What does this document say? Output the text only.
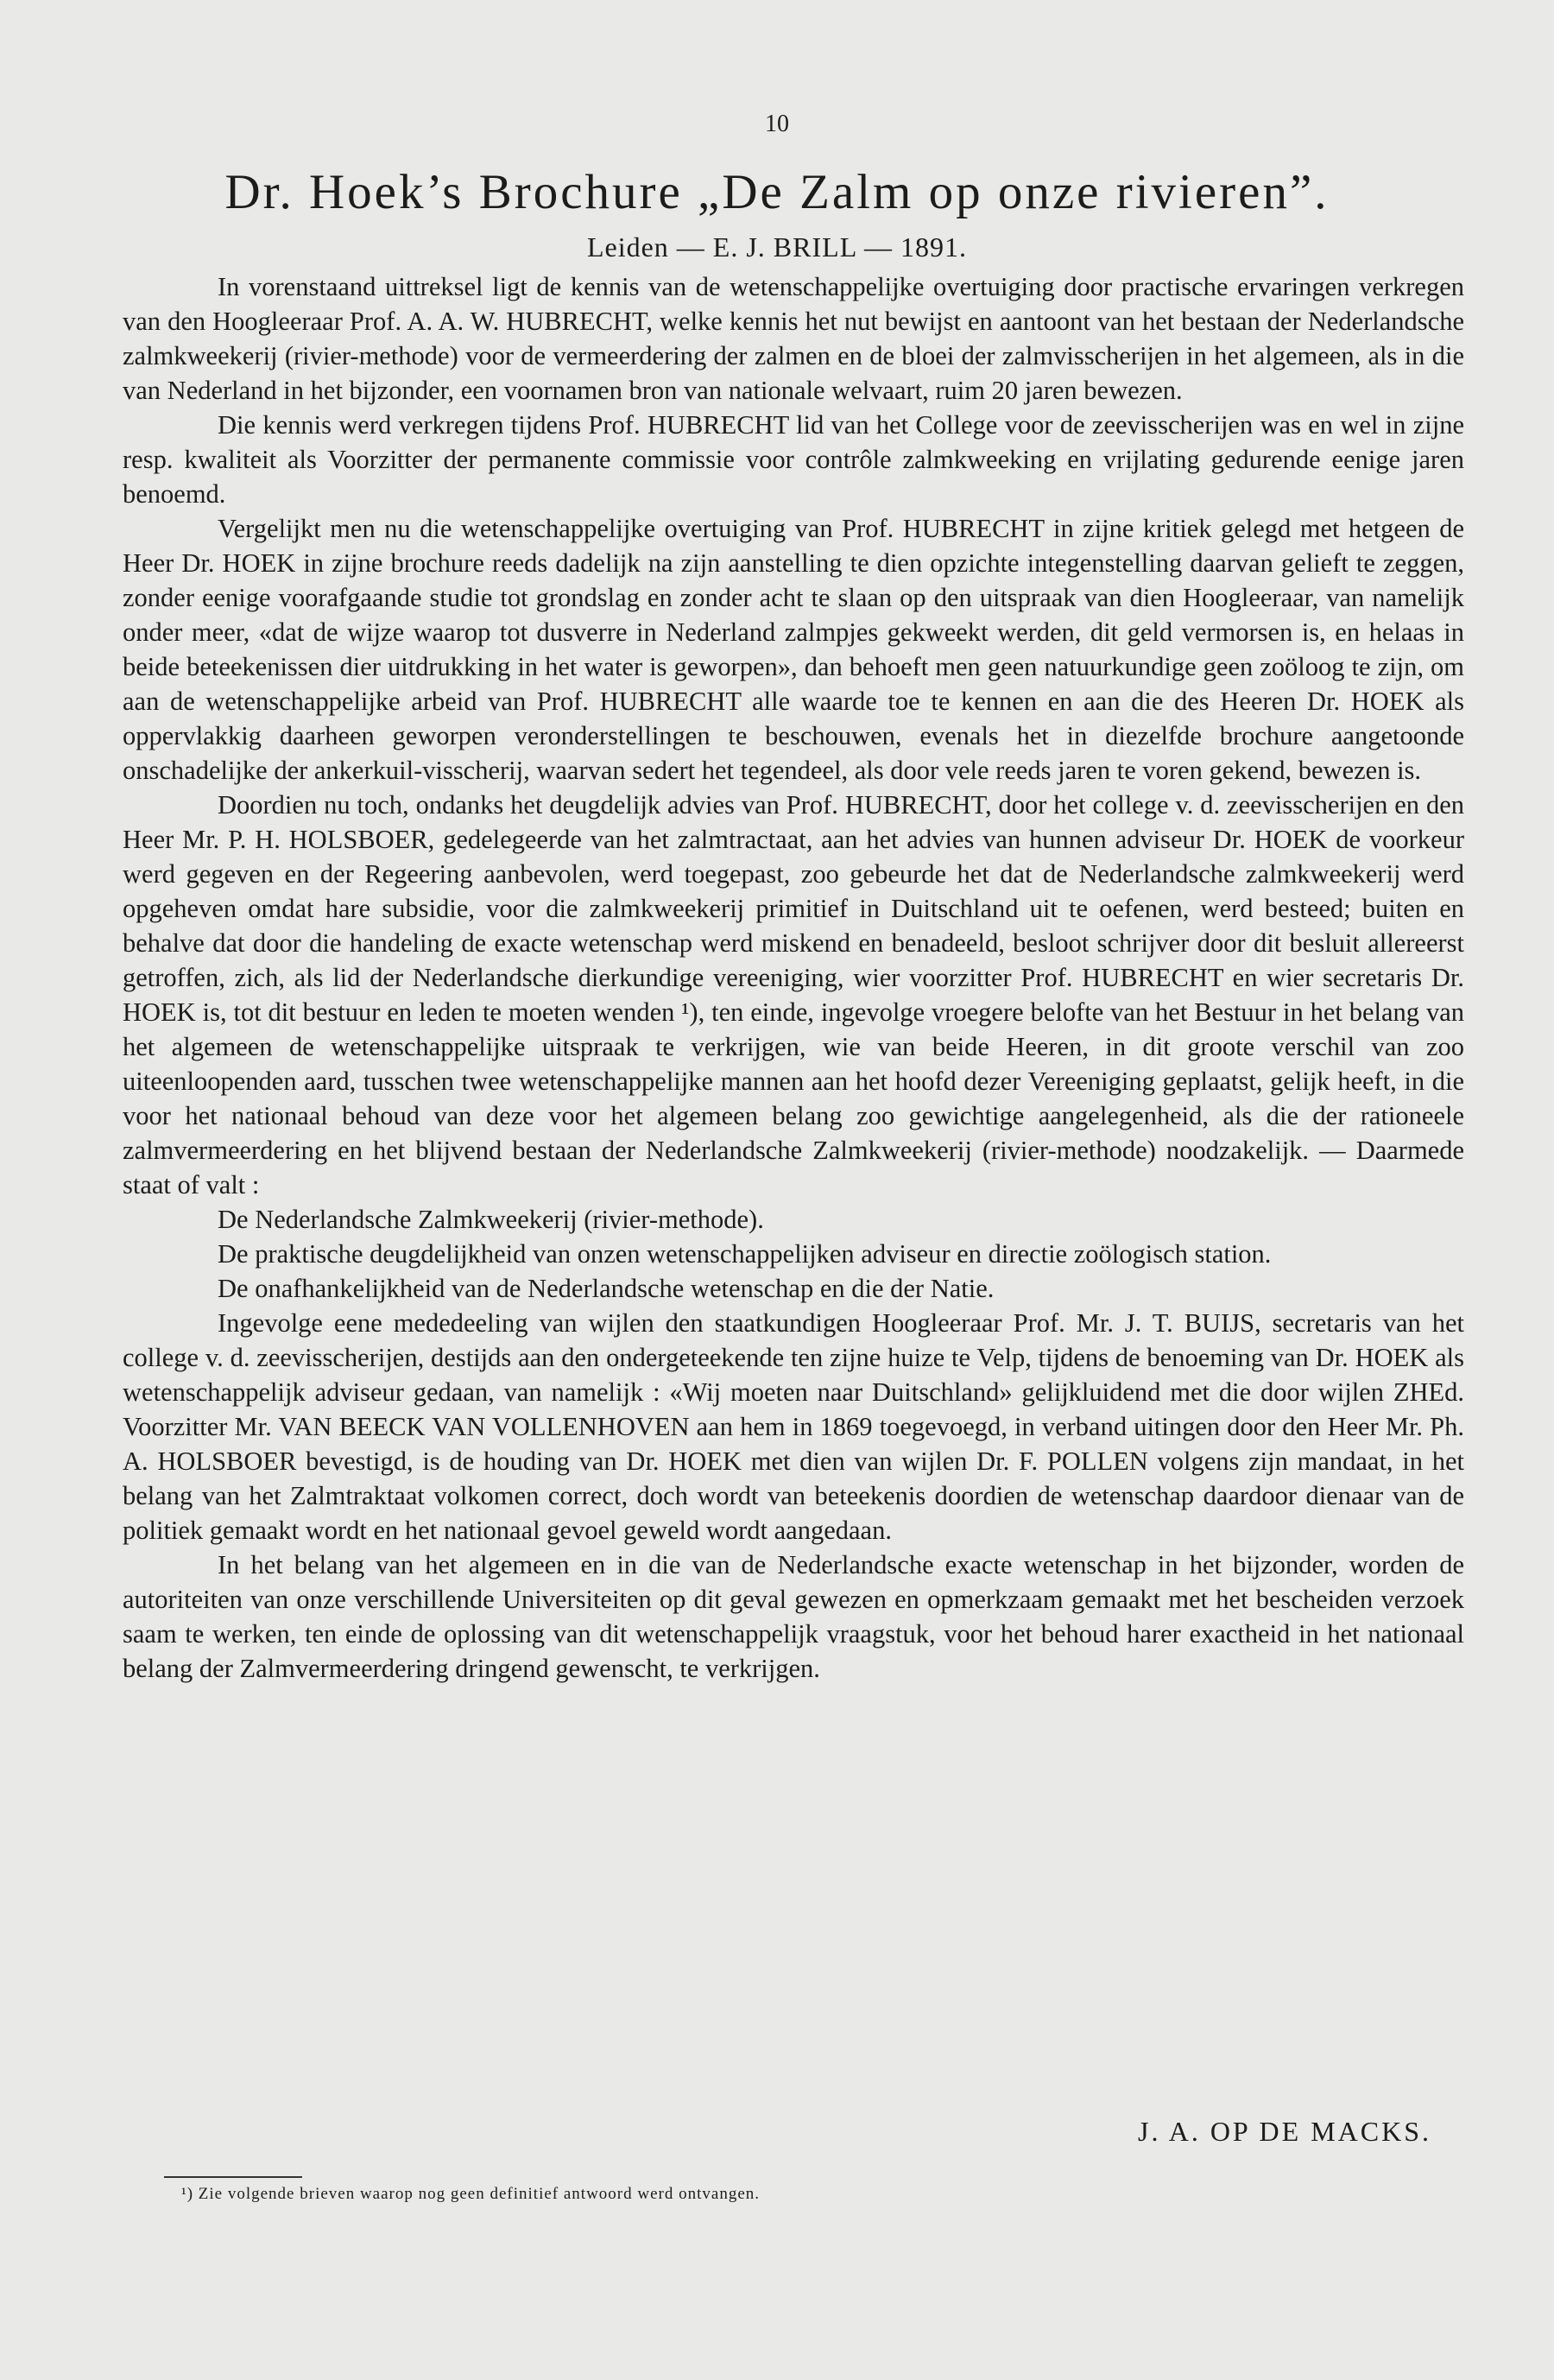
10
Dr. Hoek’s Brochure „De Zalm op onze rivieren”.
Leiden — E. J. BRILL — 1891.

In vorenstaand uittreksel ligt de kennis van de wetenschappelijke overtuiging door practische ervaringen verkregen van den Hoogleeraar Prof. A. A. W. HUBRECHT, welke kennis het nut bewijst en aantoont van het bestaan der Nederlandsche zalmkweekerij (rivier-methode) voor de vermeerdering der zalmen en de bloei der zalmvisscherijen in het algemeen, als in die van Nederland in het bijzonder, een voornamen bron van nationale welvaart, ruim 20 jaren bewezen.

Die kennis werd verkregen tijdens Prof. HUBRECHT lid van het College voor de zeevisscherijen was en wel in zijne resp. kwaliteit als Voorzitter der permanente commissie voor contrôle zalmkweeking en vrijlating gedurende eenige jaren benoemd.

Vergelijkt men nu die wetenschappelijke overtuiging van Prof. HUBRECHT in zijne kritiek gelegd met hetgeen de Heer Dr. HOEK in zijne brochure reeds dadelijk na zijn aanstelling te dien opzichte integenstelling daarvan gelieft te zeggen, zonder eenige voorafgaande studie tot grondslag en zonder acht te slaan op den uitspraak van dien Hoogleeraar, van namelijk onder meer, «dat de wijze waarop tot dusverre in Nederland zalmpjes gekweekt werden, dit geld vermorsen is, en helaas in beide beteekenissen dier uitdrukking in het water is geworpen», dan behoeft men geen natuurkundige geen zoöloog te zijn, om aan de wetenschappelijke arbeid van Prof. HUBRECHT alle waarde toe te kennen en aan die des Heeren Dr. HOEK als oppervlakkig daarheen geworpen veronderstellingen te beschouwen, evenals het in diezelfde brochure aangetoonde onschadelijke der ankerkuil-visscherij, waarvan sedert het tegendeel, als door vele reeds jaren te voren gekend, bewezen is.

Doordien nu toch, ondanks het deugdelijk advies van Prof. HUBRECHT, door het college v. d. zeevisscherijen en den Heer Mr. P. H. HOLSBOER, gedelegeerde van het zalmtractaat, aan het advies van hunnen adviseur Dr. HOEK de voorkeur werd gegeven en der Regeering aanbevolen, werd toegepast, zoo gebeurde het dat de Nederlandsche zalmkweekerij werd opgeheven omdat hare subsidie, voor die zalmkweekerij primitief in Duitschland uit te oefenen, werd besteed; buiten en behalve dat door die handeling de exacte wetenschap werd miskend en benadeeld, besloot schrijver door dit besluit allereerst getroffen, zich, als lid der Nederlandsche dierkundige vereeniging, wier voorzitter Prof. HUBRECHT en wier secretaris Dr. HOEK is, tot dit bestuur en leden te moeten wenden ¹), ten einde, ingevolge vroegere belofte van het Bestuur in het belang van het algemeen de wetenschappelijke uitspraak te verkrijgen, wie van beide Heeren, in dit groote verschil van zoo uiteenloopenden aard, tusschen twee wetenschappelijke mannen aan het hoofd dezer Vereeniging geplaatst, gelijk heeft, in die voor het nationaal behoud van deze voor het algemeen belang zoo gewichtige aangelegenheid, als die der rationeele zalmvermeerdering en het blijvend bestaan der Nederlandsche Zalmkweekerij (rivier-methode) noodzakelijk. — Daarmede staat of valt :

De Nederlandsche Zalmkweekerij (rivier-methode).

De praktische deugdelijkheid van onzen wetenschappelijken adviseur en directie zoölogisch station.

De onafhankelijkheid van de Nederlandsche wetenschap en die der Natie.

Ingevolge eene mededeeling van wijlen den staatkundigen Hoogleeraar Prof. Mr. J. T. BUIJS, secretaris van het college v. d. zeevisscherijen, destijds aan den ondergeteekende ten zijne huize te Velp, tijdens de benoeming van Dr. HOEK als wetenschappelijk adviseur gedaan, van namelijk : «Wij moeten naar Duitschland» gelijkluidend met die door wijlen ZHEd. Voorzitter Mr. VAN BEECK VAN VOLLENHOVEN aan hem in 1869 toegevoegd, in verband uitingen door den Heer Mr. Ph. A. HOLSBOER bevestigd, is de houding van Dr. HOEK met dien van wijlen Dr. F. POLLEN volgens zijn mandaat, in het belang van het Zalmtraktaat volkomen correct, doch wordt van beteekenis doordien de wetenschap daardoor dienaar van de politiek gemaakt wordt en het nationaal gevoel geweld wordt aangedaan.

In het belang van het algemeen en in die van de Nederlandsche exacte wetenschap in het bijzonder, worden de autoriteiten van onze verschillende Universiteiten op dit geval gewezen en opmerkzaam gemaakt met het bescheiden verzoek saam te werken, ten einde de oplossing van dit wetenschappelijk vraagstuk, voor het behoud harer exactheid in het nationaal belang der Zalmvermeerdering dringend gewenscht, te verkrijgen.

J. A. OP DE MACKS.
¹) Zie volgende brieven waarop nog geen definitief antwoord werd ontvangen.
